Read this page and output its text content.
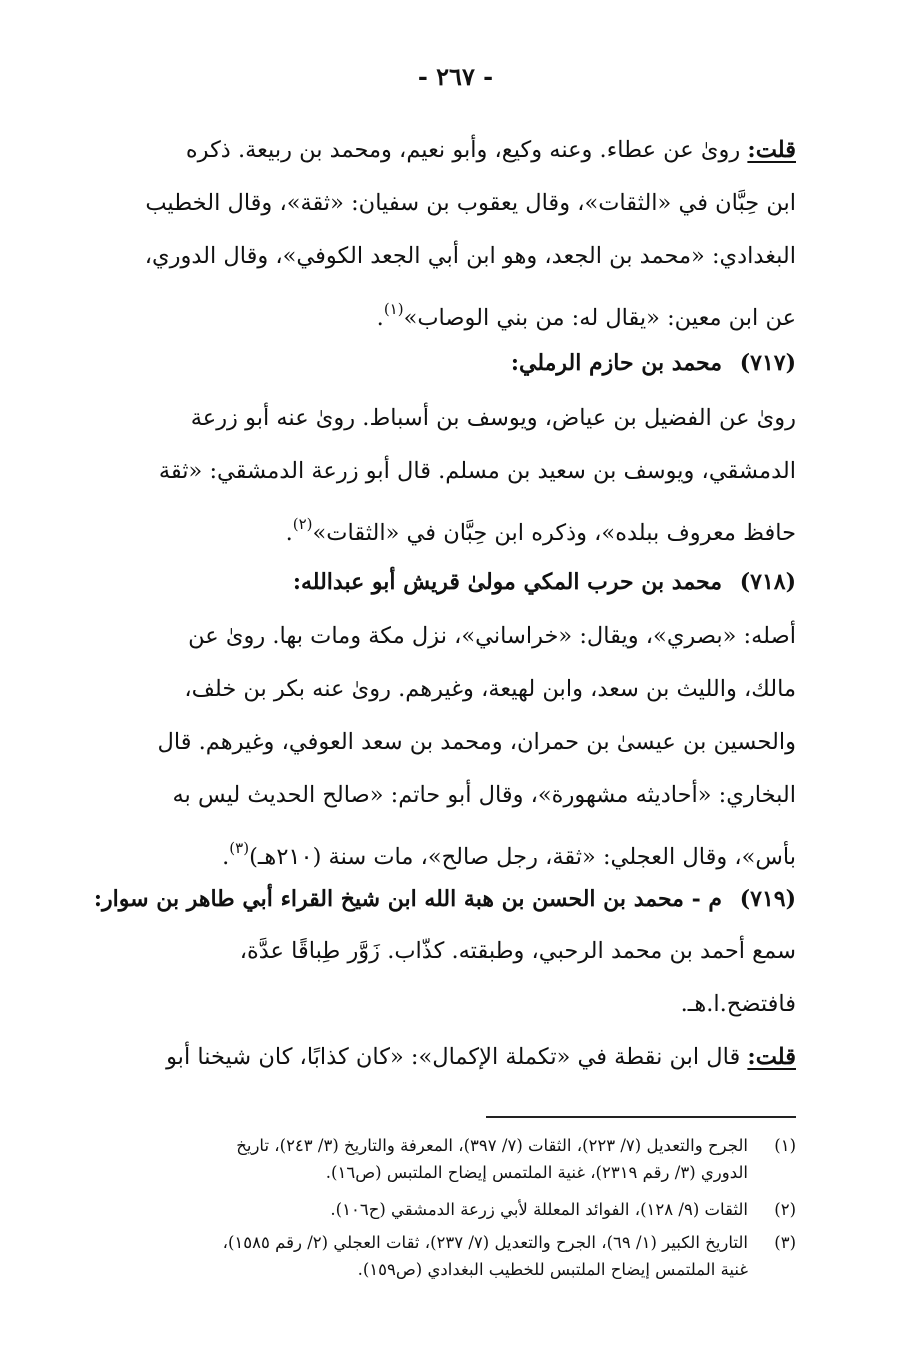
- ٢٦٧ -
قلت: روىٰ عن عطاء. وعنه وكيع، وأبو نعيم، ومحمد بن ربيعة. ذكره
ابن حِبَّان في «الثقات»، وقال يعقوب بن سفيان: «ثقة»، وقال الخطيب
البغدادي: «محمد بن الجعد، وهو ابن أبي الجعد الكوفي»، وقال الدوري،
عن ابن معين: «يقال له: من بني الوصاب»$^{(١)}$.
(٧١٧) محمد بن حازم الرملي:
روىٰ عن الفضيل بن عياض، ويوسف بن أسباط. روىٰ عنه أبو زرعة
الدمشقي، ويوسف بن سعيد بن مسلم. قال أبو زرعة الدمشقي: «ثقة
حافظ معروف ببلده»، وذكره ابن حِبَّان في «الثقات»$^{(٢)}$.
(٧١٨) محمد بن حرب المكي مولىٰ قريش أبو عبدالله:
أصله: «بصري»، ويقال: «خراساني»، نزل مكة ومات بها. روىٰ عن
مالك، والليث بن سعد، وابن لهيعة، وغيرهم. روىٰ عنه بكر بن خلف،
والحسين بن عيسىٰ بن حمران، ومحمد بن سعد العوفي، وغيرهم. قال
البخاري: «أحاديثه مشهورة»، وقال أبو حاتم: «صالح الحديث ليس به
بأس»، وقال العجلي: «ثقة، رجل صالح»، مات سنة (٢١٠هـ)$^{(٣)}$.
(٧١٩) م - محمد بن الحسن بن هبة الله ابن شيخ القراء أبي طاهر بن سوار:
سمع أحمد بن محمد الرحبي، وطبقته. كذّاب. زَوَّر طِباقًا عدَّة،
فافتضح.ا.هـ.
قلت: قال ابن نقطة في «تكملة الإكمال»: «كان كذابًا، كان شيخنا أبو
(١)الجرح والتعديل (٧/ ٢٢٣)، الثقات (٧/ ٣٩٧)، المعرفة والتاريخ (٣/ ٢٤٣)، تاريخ
الدوري (٣/ رقم ٢٣١٩)، غنية الملتمس إيضاح الملتبس (ص١٦).
(٢)الثقات (٩/ ١٢٨)، الفوائد المعللة لأبي زرعة الدمشقي (ح١٠٦).
(٣)التاريخ الكبير (١/ ٦٩)، الجرح والتعديل (٧/ ٢٣٧)، ثقات العجلي (٢/ رقم ١٥٨٥)،
غنية الملتمس إيضاح الملتبس للخطيب البغدادي (ص١٥٩).
